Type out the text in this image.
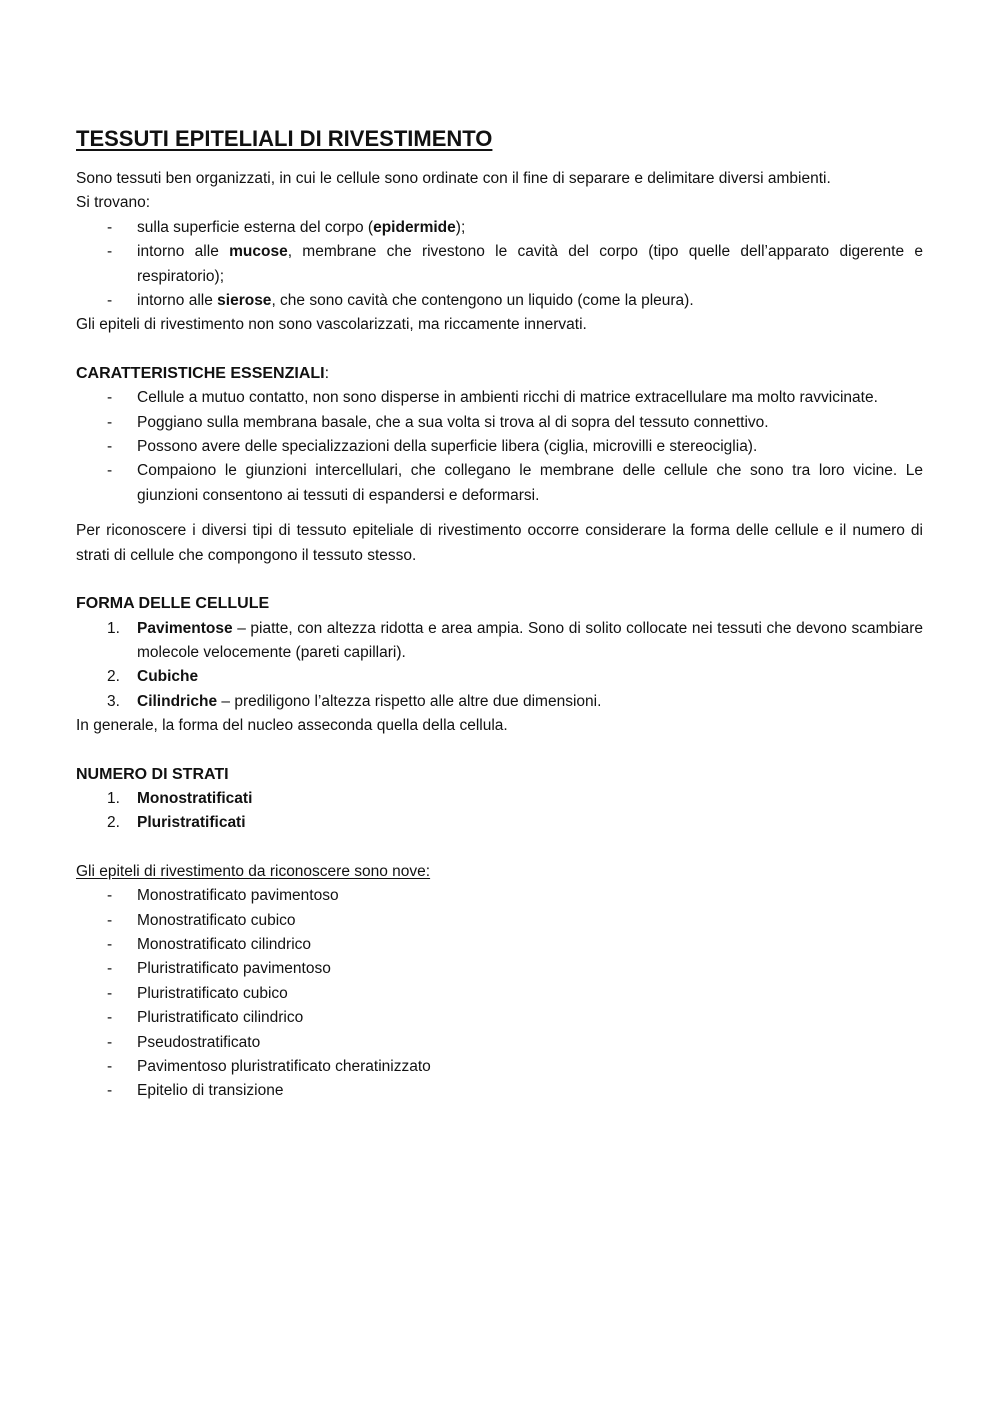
TESSUTI EPITELIALI DI RIVESTIMENTO

Sono tessuti ben organizzati, in cui le cellule sono ordinate con il fine di separare e delimitare diversi ambienti.

Si trovano:

- sulla superficie esterna del corpo (epidermide);
- intorno alle mucose, membrane che rivestono le cavità del corpo (tipo quelle dell’apparato digerente e respiratorio);
- intorno alle sierose, che sono cavità che contengono un liquido (come la pleura).

Gli epiteli di rivestimento non sono vascolarizzati, ma riccamente innervati.

CARATTERISTICHE ESSENZIALI:

- Cellule a mutuo contatto, non sono disperse in ambienti ricchi di matrice extracellulare ma molto ravvicinate.
- Poggiano sulla membrana basale, che a sua volta si trova al di sopra del tessuto connettivo.
- Possono avere delle specializzazioni della superficie libera (ciglia, microvilli e stereociglia).
- Compaiono le giunzioni intercellulari, che collegano le membrane delle cellule che sono tra loro vicine. Le giunzioni consentono ai tessuti di espandersi e deformarsi.

Per riconoscere i diversi tipi di tessuto epiteliale di rivestimento occorre considerare la forma delle cellule e il numero di strati di cellule che compongono il tessuto stesso.

FORMA DELLE CELLULE

1. Pavimentose – piatte, con altezza ridotta e area ampia. Sono di solito collocate nei tessuti che devono scambiare molecole velocemente (pareti capillari).
2. Cubiche
3. Cilindriche – prediligono l’altezza rispetto alle altre due dimensioni.

In generale, la forma del nucleo asseconda quella della cellula.

NUMERO DI STRATI

1. Monostratificati
2. Pluristratificati

Gli epiteli di rivestimento da riconoscere sono nove:

- Monostratificato pavimentoso
- Monostratificato cubico
- Monostratificato cilindrico
- Pluristratificato pavimentoso
- Pluristratificato cubico
- Pluristratificato cilindrico
- Pseudostratificato
- Pavimentoso pluristratificato cheratinizzato
- Epitelio di transizione
